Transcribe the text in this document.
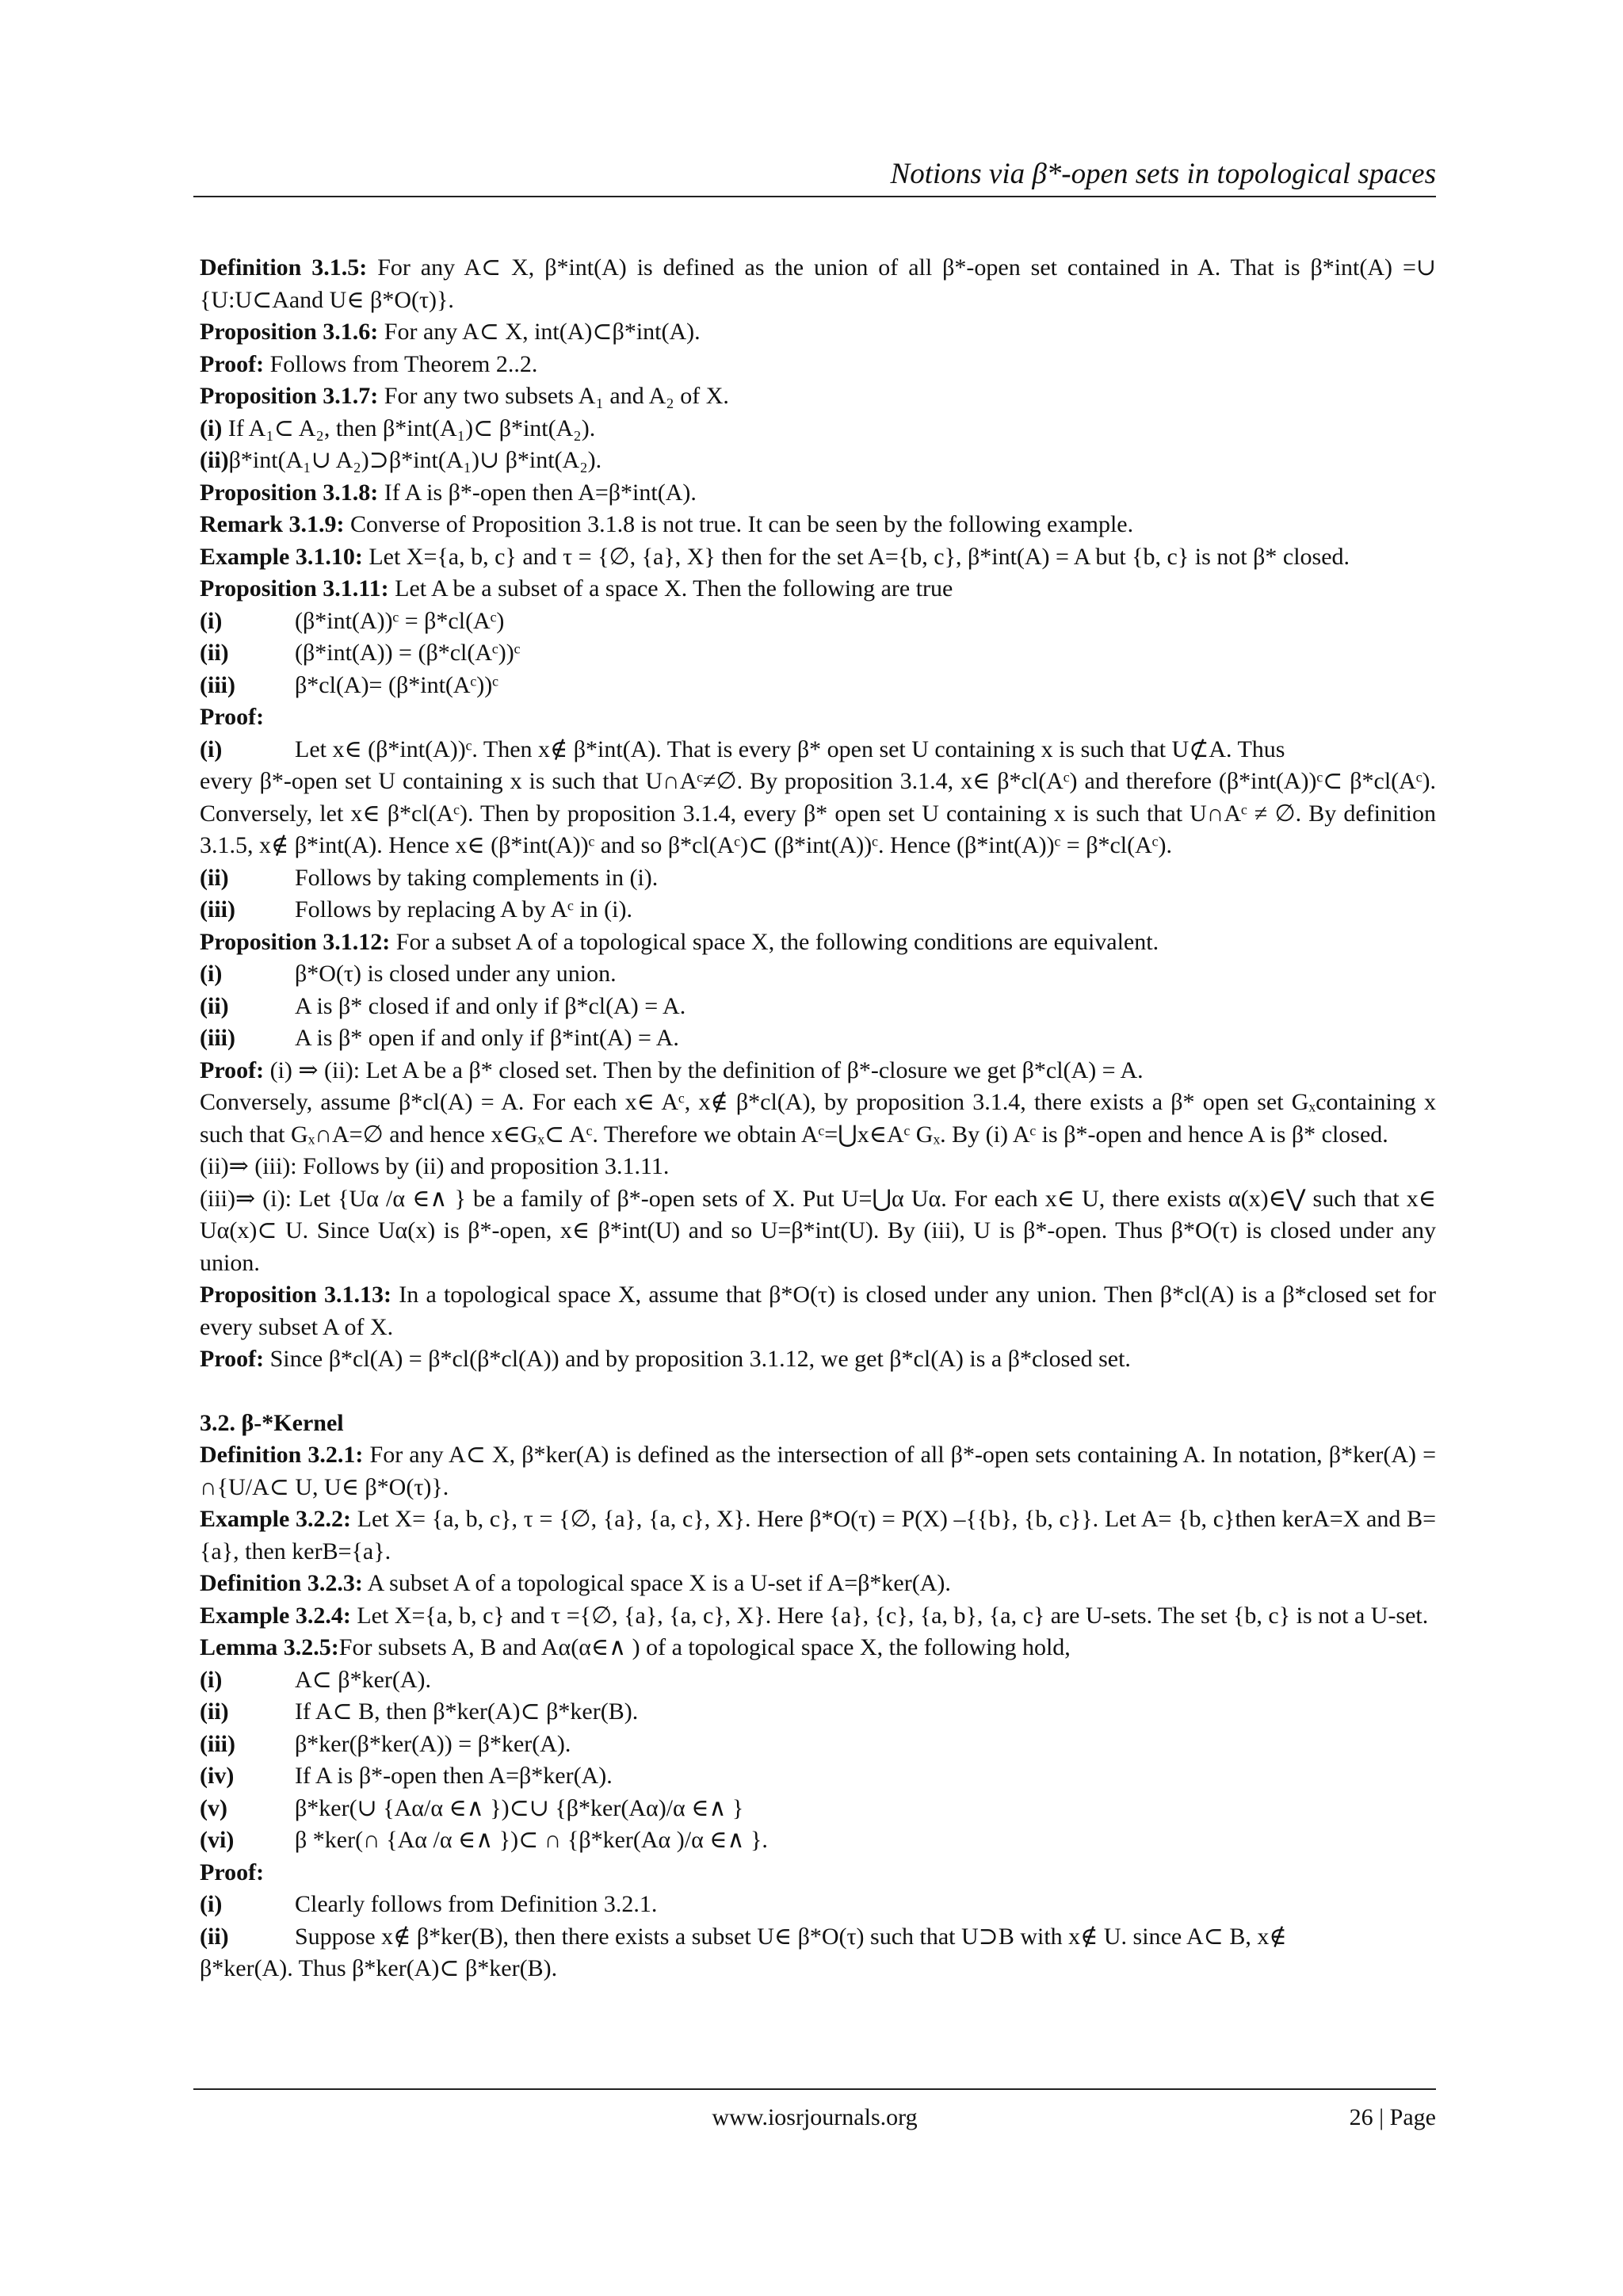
Notions via β*-open sets in topological spaces

Definition 3.1.5: For any A⊂ X, β*int(A) is defined as the union of all β*-open set contained in A. That is β*int(A) =∪ {U:U⊂Aand U∈ β*O(τ)}.

Proposition 3.1.6: For any A⊂ X, int(A)⊂β*int(A).

Proof: Follows from Theorem 2..2.

Proposition 3.1.7: For any two subsets A₁ and A₂ of X.

(i) If A₁⊂ A₂, then β*int(A₁)⊂ β*int(A₂).

(ii)β*int(A₁∪ A₂)⊃β*int(A₁)∪ β*int(A₂).

Proposition 3.1.8: If A is β*-open then A=β*int(A).

Remark 3.1.9: Converse of Proposition 3.1.8 is not true. It can be seen by the following example.

Example 3.1.10: Let X={a, b, c} and τ = {∅, {a}, X} then for the set A={b, c}, β*int(A) = A but {b, c} is not β* closed.

Proposition 3.1.11: Let A be a subset of a space X. Then the following are true

(i)	(β*int(A))ᶜ = β*cl(Aᶜ)
(ii)	(β*int(A)) = (β*cl(Aᶜ))ᶜ
(iii)	β*cl(A)= (β*int(Aᶜ))ᶜ

Proof:

(i)	Let x∈ (β*int(A))ᶜ. Then x∉ β*int(A). That is every β* open set U containing x is such that U⊄A. Thus

every β*-open set U containing x is such that U∩Aᶜ≠∅. By proposition 3.1.4, x∈ β*cl(Aᶜ) and therefore (β*int(A))ᶜ⊂ β*cl(Aᶜ). Conversely, let x∈ β*cl(Aᶜ). Then by proposition 3.1.4, every β* open set U containing x is such that U∩Aᶜ ≠ ∅. By definition 3.1.5, x∉ β*int(A). Hence x∈ (β*int(A))ᶜ and so β*cl(Aᶜ)⊂ (β*int(A))ᶜ. Hence (β*int(A))ᶜ = β*cl(Aᶜ).

(ii)	Follows by taking complements in (i).
(iii)	Follows by replacing A by Aᶜ in (i).

Proposition 3.1.12: For a subset A of a topological space X, the following conditions are equivalent.

(i)	β*O(τ) is closed under any union.
(ii)	A is β* closed if and only if β*cl(A) = A.
(iii)	A is β* open if and only if β*int(A) = A.

Proof: (i) ⇒ (ii): Let A be a β* closed set. Then by the definition of β*-closure we get β*cl(A) = A.

Conversely, assume β*cl(A) = A. For each x∈ Aᶜ, x∉ β*cl(A), by proposition 3.1.4, there exists a β* open set Gₓcontaining x such that Gₓ∩A=∅ and hence x∈Gₓ⊂ Aᶜ. Therefore we obtain Aᶜ=⋃x∈Aᶜ Gₓ. By (i) Aᶜ is β*-open and hence A is β* closed.

(ii)⇒ (iii): Follows by (ii) and proposition 3.1.11.

(iii)⇒ (i): Let {Uα /α ∈∧ } be a family of β*-open sets of X. Put U=⋃α Uα. For each x∈ U, there exists α(x)∈⋁ such that x∈ Uα(x)⊂ U. Since Uα(x) is β*-open, x∈ β*int(U) and so U=β*int(U). By (iii), U is β*-open. Thus β*O(τ) is closed under any union.

Proposition 3.1.13: In a topological space X, assume that β*O(τ) is closed under any union. Then β*cl(A) is a β*closed set for every subset A of X.

Proof: Since β*cl(A) = β*cl(β*cl(A)) and by proposition 3.1.12, we get β*cl(A) is a β*closed set.

3.2. β-*Kernel

Definition 3.2.1: For any A⊂ X, β*ker(A) is defined as the intersection of all β*-open sets containing A. In notation, β*ker(A) = ∩{U/A⊂ U, U∈ β*O(τ)}.

Example 3.2.2: Let X= {a, b, c}, τ = {∅, {a}, {a, c}, X}. Here β*O(τ) = P(X) –{{b}, {b, c}}. Let A= {b, c}then kerA=X and B={a}, then kerB={a}.

Definition 3.2.3: A subset A of a topological space X is a U-set if A=β*ker(A).

Example 3.2.4: Let X={a, b, c} and τ ={∅, {a}, {a, c}, X}. Here {a}, {c}, {a, b}, {a, c} are U-sets. The set {b, c} is not a U-set.

Lemma 3.2.5:For subsets A, B and Aα(α∈∧ ) of a topological space X, the following hold,

(i)	A⊂ β*ker(A).
(ii)	If A⊂ B, then β*ker(A)⊂ β*ker(B).
(iii)	β*ker(β*ker(A)) = β*ker(A).
(iv)	If A is β*-open then A=β*ker(A).
(v)	β*ker(∪ {Aα/α ∈∧ })⊂∪ {β*ker(Aα)/α ∈∧ }
(vi)	β *ker(∩ {Aα /α ∈∧ })⊂ ∩ {β*ker(Aα )/α ∈∧ }.

Proof:

(i)	Clearly follows from Definition 3.2.1.
(ii)	Suppose x∉ β*ker(B), then there exists a subset U∈ β*O(τ) such that U⊃B with x∉ U. since A⊂ B, x∉

β*ker(A). Thus β*ker(A)⊂ β*ker(B).

www.iosrjournals.org	26 | Page
